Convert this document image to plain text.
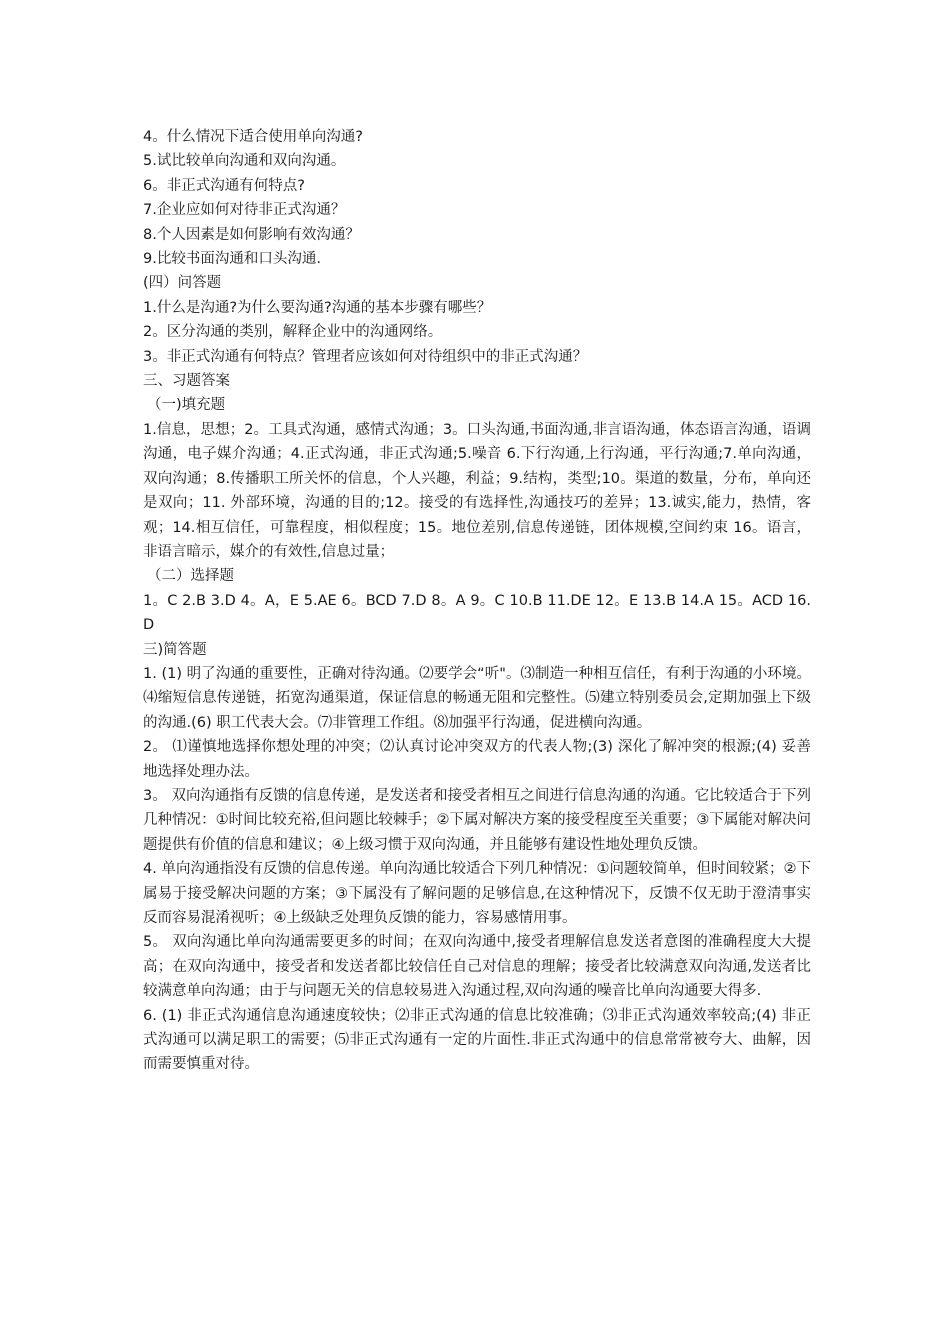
4。什么情况下适合使用单向沟通?
5.试比较单向沟通和双向沟通。
6。非正式沟通有何特点?
7.企业应如何对待非正式沟通？
8.个人因素是如何影响有效沟通？
9.比较书面沟通和口头沟通.
(四）问答题
1.什么是沟通?为什么要沟通?沟通的基本步骤有哪些？
2。区分沟通的类别，解释企业中的沟通网络。
3。非正式沟通有何特点？管理者应该如何对待组织中的非正式沟通？
三、习题答案
（一)填充题
1.信息，思想；2。工具式沟通，感情式沟通；3。口头沟通,书面沟通,非言语沟通，体态语言沟通，语调沟通，电子媒介沟通；4.正式沟通，非正式沟通;5.噪音 6.下行沟通,上行沟通，平行沟通;7.单向沟通，双向沟通；8.传播职工所关怀的信息，个人兴趣，利益；9.结构，类型;10。渠道的数量，分布，单向还是双向；11. 外部环境，沟通的目的;12。接受的有选择性,沟通技巧的差异；13.诚实,能力，热情，客观；14.相互信任，可靠程度，相似程度；15。地位差别,信息传递链，团体规模,空间约束 16。语言，非语言暗示，媒介的有效性,信息过量；
（二）选择题
1。C 2.B 3.D 4。A，E 5.AE 6。BCD 7.D 8。A 9。C 10.B 11.DE 12。E 13.B 14.A 15。ACD 16. D
三)简答题
1. (1) 明了沟通的重要性，正确对待沟通。⑵要学会“听"。⑶制造一种相互信任，有利于沟通的小环境。⑷缩短信息传递链，拓宽沟通渠道，保证信息的畅通无阻和完整性。⑸建立特别委员会,定期加强上下级的沟通.(6) 职工代表大会。⑺非管理工作组。⑻加强平行沟通，促进横向沟通。
2。 ⑴谨慎地选择你想处理的冲突；⑵认真讨论冲突双方的代表人物;(3) 深化了解冲突的根源;(4) 妥善地选择处理办法。
3。 双向沟通指有反馈的信息传递，是发送者和接受者相互之间进行信息沟通的沟通。它比较适合于下列几种情况：①时间比较充裕,但问题比较棘手；②下属对解决方案的接受程度至关重要；③下属能对解决问题提供有价值的信息和建议；④上级习惯于双向沟通，并且能够有建设性地处理负反馈。
4. 单向沟通指没有反馈的信息传递。单向沟通比较适合下列几种情况：①问题较简单，但时间较紧；②下属易于接受解决问题的方案；③下属没有了解问题的足够信息,在这种情况下，反馈不仅无助于澄清事实反而容易混淆视听；④上级缺乏处理负反馈的能力，容易感情用事。
5。 双向沟通比单向沟通需要更多的时间；在双向沟通中,接受者理解信息发送者意图的准确程度大大提高；在双向沟通中，接受者和发送者都比较信任自己对信息的理解；接受者比较满意双向沟通,发送者比较满意单向沟通；由于与问题无关的信息较易进入沟通过程,双向沟通的噪音比单向沟通要大得多.
6. (1) 非正式沟通信息沟通速度较快；⑵非正式沟通的信息比较准确；⑶非正式沟通效率较高;(4) 非正式沟通可以满足职工的需要；⑸非正式沟通有一定的片面性.非正式沟通中的信息常常被夸大、曲解，因而需要慎重对待。
